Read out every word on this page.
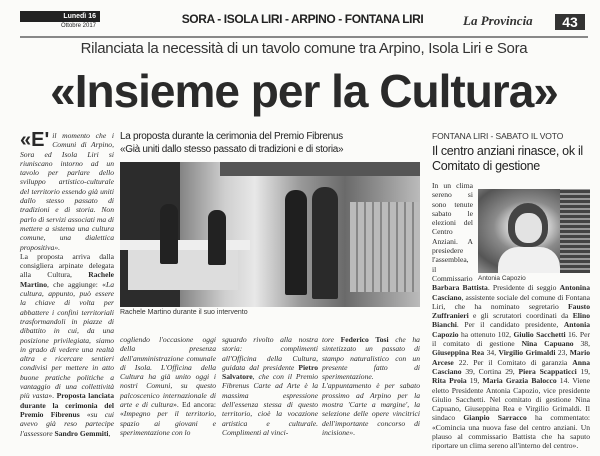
Lunedì 16
Ottobre 2017	SORA - ISOLA LIRI - ARPINO - FONTANA LIRI	La Provincia	43
Rilanciata la necessità di un tavolo comune tra Arpino, Isola Liri e Sora
«Insieme per la Cultura»
«E' il momento che i Comuni di Arpino, Sora ed Isola Liri si riuniscano intorno ad un tavolo per parlare dello sviluppo artistico-culturale del territorio essendo già uniti dallo stesso passato di tradizioni e di storia. Non parlo di servizi associati ma di mettere a sistema una cultura comune, una dialettica propositiva».
La proposta arriva dalla consigliera arpinate delegata alla Cultura, Rachele Martino, che aggiunge: «La cultura, appunto, può essere la chiave di volta per abbattere i confini territoriali trasformandoli in piazze di dibattito in cui, da una posizione privilegiata, siamo in grado di vedere una realtà altra e ricercare sentieri condivisi per mettere in atto buone pratiche politiche a vantaggio di una collettività più vasta». Proposta lanciata durante la cerimonia del Premio Fibrenus «su cui avevo già reso partecipe l'assessore Sandro Gemmiti,
La proposta durante la cerimonia del Premio Fibrenus
«Già uniti dallo stesso passato di tradizioni e di storia»
Rachele Martino durante il suo intervento
cogliendo l'occasione oggi della presenza dell'amministrazione comunale di Isola. L'Officina della Cultura ha già unito oggi i nostri Comuni, su questo palcoscenico internazionale di arte e di cultura». Ed ancora: «Impegno per il territorio, spazio ai giovani e sperimentazione con lo
sguardo rivolto alla nostra storia: complimenti all'Officina della Cultura, guidata dal presidente Pietro Salvatore, che con il Premio Fibrenus Carte ad Arte è la massima espressione dell'essenza stessa di questo territorio, cioè la vocazione artistica e culturale. Complimenti al vinci-
tore Federico Tosi che ha sintetizzato un passato di stampo naturalistico con un presente fatto di sperimentazione. L'appuntamento è per sabato prossimo ad Arpino per la mostra 'Carte a margine', la selezione delle opere vincitrici dell'importante concorso di incisione».
FONTANA LIRI - SABATO IL VOTO
Il centro anziani rinasce, ok il Comitato di gestione
Antonia Capozio
In un clima sereno si sono tenute sabato le elezioni del Centro Anziani. A presiedere l'assemblea, il Commissario Barbara Battista. Presidente di seggio Antonina Casciano, assistente sociale del comune di Fontana Liri, che ha nominato segretario Fausto Zuffranieri e gli scrutatori coordinati da Elino Bianchi. Per il candidato presidente, Antonia Capozio ha ottenuto 102, Giulio Sacchetti 16. Per il comitato di gestione Nina Capuano 38, Giuseppina Rea 34, Virgilio Grimaldi 23, Mario Arcese 22. Per il Comitato di garanzia Anna Casciano 39, Cortina 29, Piera Scappaticci 19, Rita Proia 19, Maria Grazia Balocco 14. Viene eletto Presidente Antonia Capozio, vice presidente Giulio Sacchetti. Nel comitato di gestione Nina Capuano, Giuseppina Rea e Virgilio Grimaldi. Il sindaco Gianpio Sarracco ha commentato: «Comincia una nuova fase del centro anziani. Un plauso al commissario Battista che ha saputo riportare un clima sereno all'interno del centro».
